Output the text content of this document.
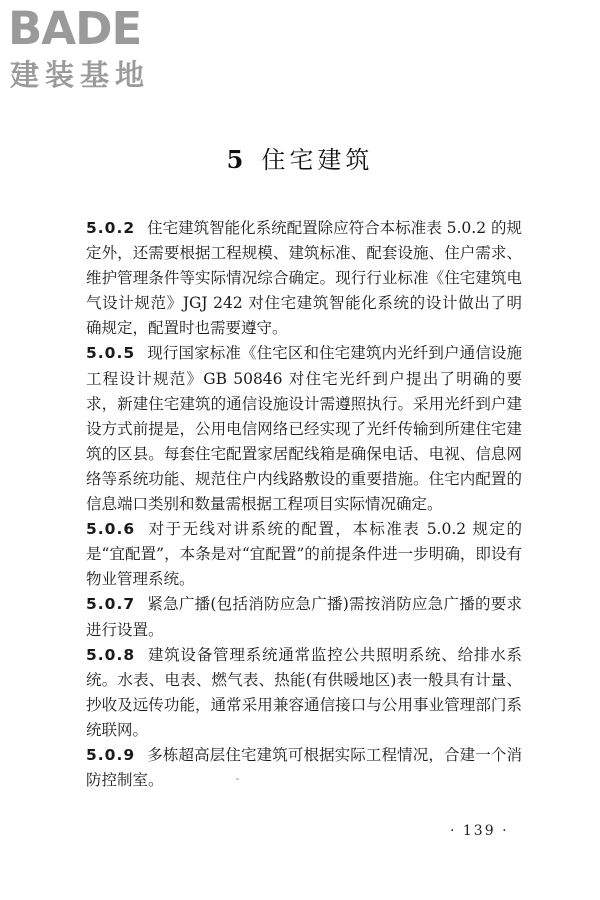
BADE
建装基地
5 住宅建筑

5.0.2 住宅建筑智能化系统配置除应符合本标准表 5.0.2 的规定外，还需要根据工程规模、建筑标准、配套设施、住户需求、维护管理条件等实际情况综合确定。现行行业标准《住宅建筑电气设计规范》JGJ 242 对住宅建筑智能化系统的设计做出了明确规定，配置时也需要遵守。

5.0.5 现行国家标准《住宅区和住宅建筑内光纤到户通信设施工程设计规范》GB 50846 对住宅光纤到户提出了明确的要求，新建住宅建筑的通信设施设计需遵照执行。采用光纤到户建设方式前提是，公用电信网络已经实现了光纤传输到所建住宅建筑的区县。每套住宅配置家居配线箱是确保电话、电视、信息网络等系统功能、规范住户内线路敷设的重要措施。住宅内配置的信息端口类别和数量需根据工程项目实际情况确定。

5.0.6 对于无线对讲系统的配置，本标准表 5.0.2 规定的是“宜配置”，本条是对“宜配置”的前提条件进一步明确，即设有物业管理系统。

5.0.7 紧急广播(包括消防应急广播)需按消防应急广播的要求进行设置。

5.0.8 建筑设备管理系统通常监控公共照明系统、给排水系统。水表、电表、燃气表、热能(有供暖地区)表一般具有计量、抄收及远传功能，通常采用兼容通信接口与公用事业管理部门系统联网。

5.0.9 多栋超高层住宅建筑可根据实际工程情况，合建一个消防控制室。

· 139 ·
